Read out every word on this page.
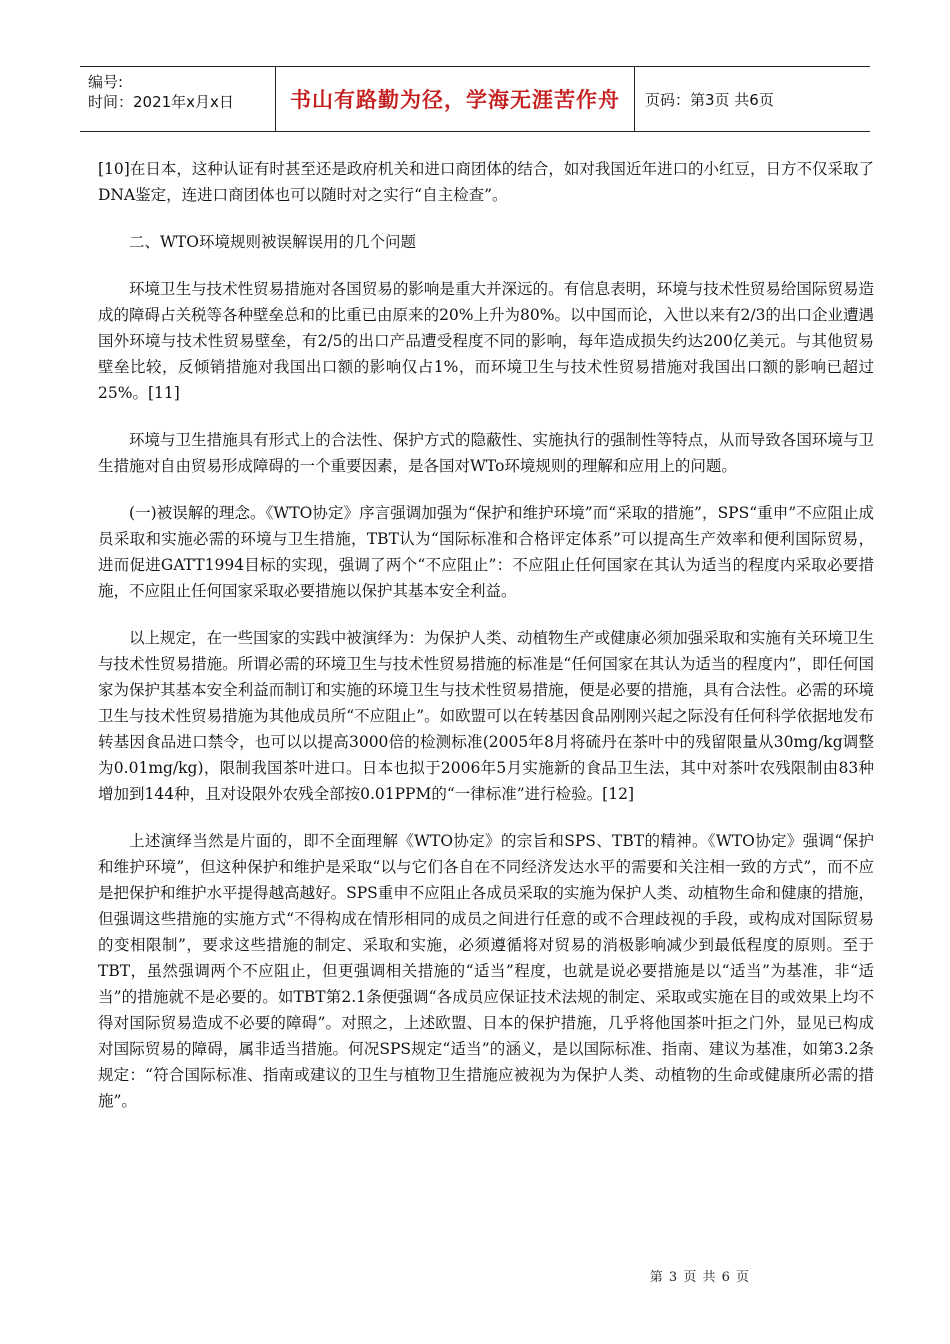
编号:
时间：2021年x月x日	书山有路勤为径，学海无涯苦作舟 页码：第3页 共6页

[10]在日本，这种认证有时甚至还是政府机关和进口商团体的结合，如对我国近年进口的小红豆，日方不仅采取了DNA鉴定，连进口商团体也可以随时对之实行“自主检查”。

二、WTO环境规则被误解误用的几个问题

环境卫生与技术性贸易措施对各国贸易的影响是重大并深远的。有信息表明，环境与技术性贸易给国际贸易造成的障碍占关税等各种壁垒总和的比重已由原来的20%上升为80%。以中国而论，入世以来有2/3的出口企业遭遇国外环境与技术性贸易壁垒，有2/5的出口产品遭受程度不同的影响，每年造成损失约达200亿美元。与其他贸易壁垒比较，反倾销措施对我国出口额的影响仅占1%，而环境卫生与技术性贸易措施对我国出口额的影响已超过25%。[11]

环境与卫生措施具有形式上的合法性、保护方式的隐蔽性、实施执行的强制性等特点，从而导致各国环境与卫生措施对自由贸易形成障碍的一个重要因素，是各国对WTo环境规则的理解和应用上的问题。

(一)被误解的理念。《WTO协定》序言强调加强为“保护和维护环境”而“采取的措施”，SPS“重申”不应阻止成员采取和实施必需的环境与卫生措施，TBT认为“国际标准和合格评定体系”可以提高生产效率和便利国际贸易，进而促进GATT1994目标的实现，强调了两个“不应阻止”：不应阻止任何国家在其认为适当的程度内采取必要措施，不应阻止任何国家采取必要措施以保护其基本安全利益。

以上规定，在一些国家的实践中被演绎为：为保护人类、动植物生产或健康必须加强采取和实施有关环境卫生与技术性贸易措施。所谓必需的环境卫生与技术性贸易措施的标准是“任何国家在其认为适当的程度内”，即任何国家为保护其基本安全利益而制订和实施的环境卫生与技术性贸易措施，便是必要的措施，具有合法性。必需的环境卫生与技术性贸易措施为其他成员所“不应阻止”。如欧盟可以在转基因食品刚刚兴起之际没有任何科学依据地发布转基因食品进口禁令，也可以以提高3000倍的检测标准(2005年8月将硫丹在茶叶中的残留限量从30mg/kg调整为0.01mg/kg)，限制我国茶叶进口。日本也拟于2006年5月实施新的食品卫生法，其中对茶叶农残限制由83种增加到144种，且对设限外农残全部按0.01PPM的“一律标准”进行检验。[12]

上述演绎当然是片面的，即不全面理解《WTO协定》的宗旨和SPS、TBT的精神。《WTO协定》强调“保护和维护环境”，但这种保护和维护是采取“以与它们各自在不同经济发达水平的需要和关注相一致的方式”，而不应是把保护和维护水平提得越高越好。SPS重申不应阻止各成员采取的实施为保护人类、动植物生命和健康的措施，但强调这些措施的实施方式“不得构成在情形相同的成员之间进行任意的或不合理歧视的手段，或构成对国际贸易的变相限制”，要求这些措施的制定、采取和实施，必须遵循将对贸易的消极影响减少到最低程度的原则。至于TBT，虽然强调两个不应阻止，但更强调相关措施的“适当”程度，也就是说必要措施是以“适当”为基准，非“适当”的措施就不是必要的。如TBT第2.1条便强调“各成员应保证技术法规的制定、采取或实施在目的或效果上均不得对国际贸易造成不必要的障碍”。对照之，上述欧盟、日本的保护措施，几乎将他国茶叶拒之门外，显见已构成对国际贸易的障碍，属非适当措施。何况SPS规定“适当”的涵义，是以国际标准、指南、建议为基准，如第3.2条规定：“符合国际标准、指南或建议的卫生与植物卫生措施应被视为为保护人类、动植物的生命或健康所必需的措施”。

第 3 页 共 6 页
